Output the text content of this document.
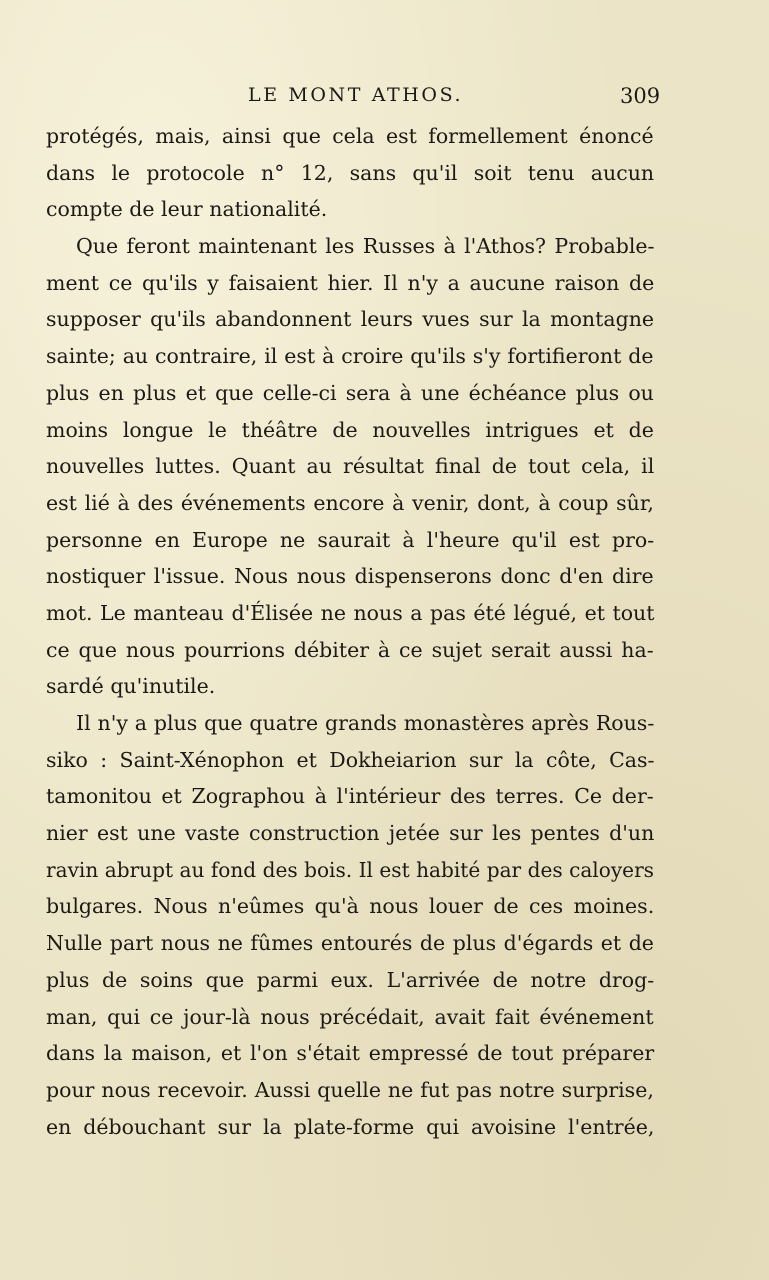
LE MONT ATHOS.	309
protégés, mais, ainsi que cela est formellement énoncé
dans le protocole n° 12, sans qu'il soit tenu aucun
compte de leur nationalité.
Que feront maintenant les Russes à l'Athos? Probable-
ment ce qu'ils y faisaient hier. Il n'y a aucune raison de
supposer qu'ils abandonnent leurs vues sur la montagne
sainte; au contraire, il est à croire qu'ils s'y fortifieront de
plus en plus et que celle-ci sera à une échéance plus ou
moins longue le théâtre de nouvelles intrigues et de
nouvelles luttes. Quant au résultat final de tout cela, il
est lié à des événements encore à venir, dont, à coup sûr,
personne en Europe ne saurait à l'heure qu'il est pro-
nostiquer l'issue. Nous nous dispenserons donc d'en dire
mot. Le manteau d'Élisée ne nous a pas été légué, et tout
ce que nous pourrions débiter à ce sujet serait aussi ha-
sardé qu'inutile.
Il n'y a plus que quatre grands monastères après Rous-
siko : Saint-Xénophon et Dokheiarion sur la côte, Cas-
tamonitou et Zographou à l'intérieur des terres. Ce der-
nier est une vaste construction jetée sur les pentes d'un
ravin abrupt au fond des bois. Il est habité par des caloyers
bulgares. Nous n'eûmes qu'à nous louer de ces moines.
Nulle part nous ne fûmes entourés de plus d'égards et de
plus de soins que parmi eux. L'arrivée de notre drog-
man, qui ce jour-là nous précédait, avait fait événement
dans la maison, et l'on s'était empressé de tout préparer
pour nous recevoir. Aussi quelle ne fut pas notre surprise,
en débouchant sur la plate-forme qui avoisine l'entrée,
